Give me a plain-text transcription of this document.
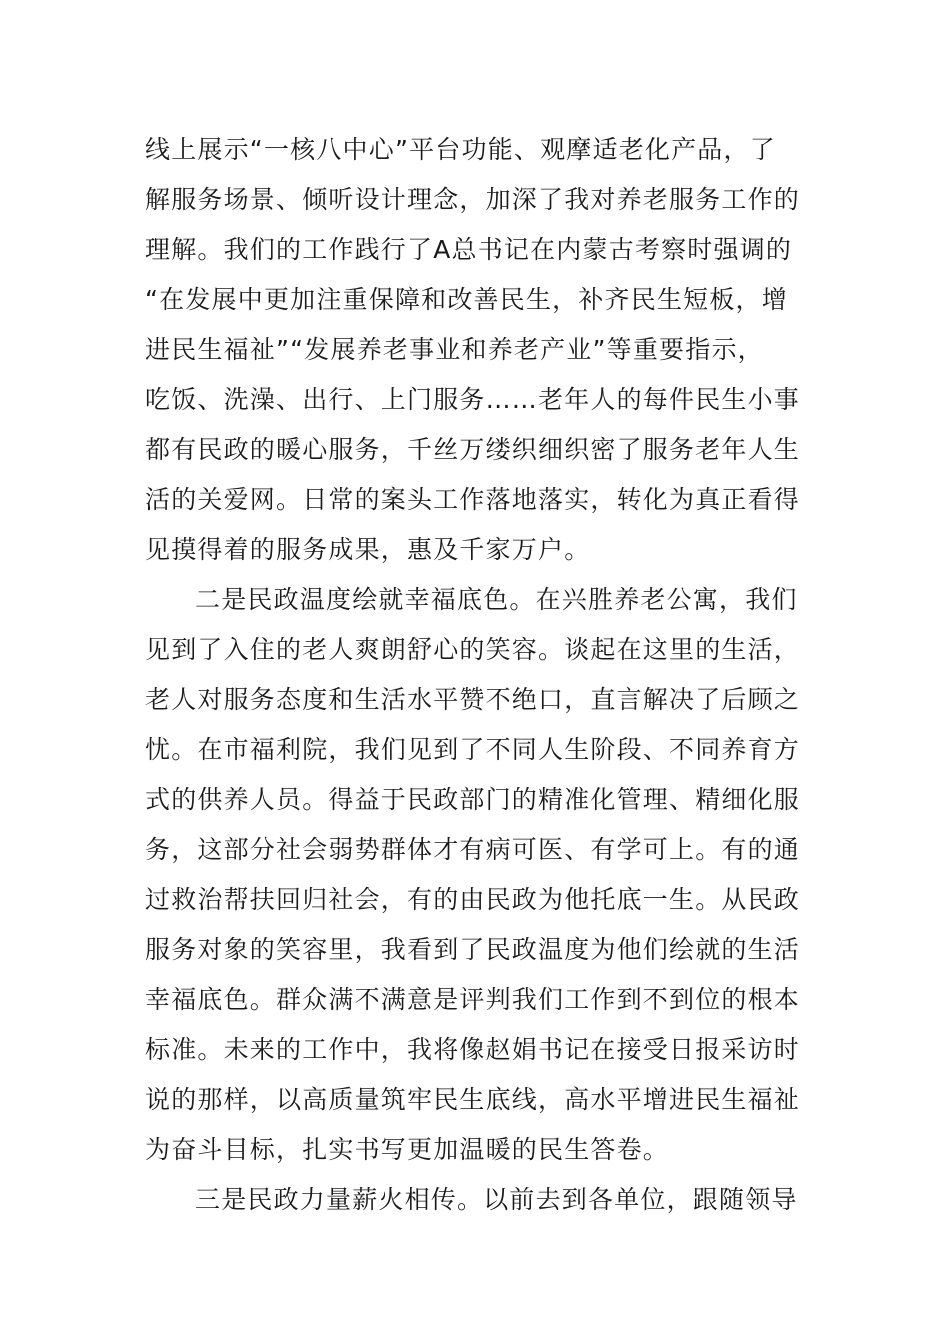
线上展示“一核八中心”平台功能、观摩适老化产品，了
解服务场景、倾听设计理念，加深了我对养老服务工作的
理解。我们的工作践行了A总书记在内蒙古考察时强调的
“在发展中更加注重保障和改善民生，补齐民生短板，增
进民生福祉”“发展养老事业和养老产业”等重要指示，
吃饭、洗澡、出行、上门服务……老年人的每件民生小事
都有民政的暖心服务，千丝万缕织细织密了服务老年人生
活的关爱网。日常的案头工作落地落实，转化为真正看得
见摸得着的服务成果，惠及千家万户。
二是民政温度绘就幸福底色。在兴胜养老公寓，我们
见到了入住的老人爽朗舒心的笑容。谈起在这里的生活，
老人对服务态度和生活水平赞不绝口，直言解决了后顾之
忧。在市福利院，我们见到了不同人生阶段、不同养育方
式的供养人员。得益于民政部门的精准化管理、精细化服
务，这部分社会弱势群体才有病可医、有学可上。有的通
过救治帮扶回归社会，有的由民政为他托底一生。从民政
服务对象的笑容里，我看到了民政温度为他们绘就的生活
幸福底色。群众满不满意是评判我们工作到不到位的根本
标准。未来的工作中，我将像赵娟书记在接受日报采访时
说的那样，以高质量筑牢民生底线，高水平增进民生福祉
为奋斗目标，扎实书写更加温暖的民生答卷。
三是民政力量薪火相传。以前去到各单位，跟随领导
